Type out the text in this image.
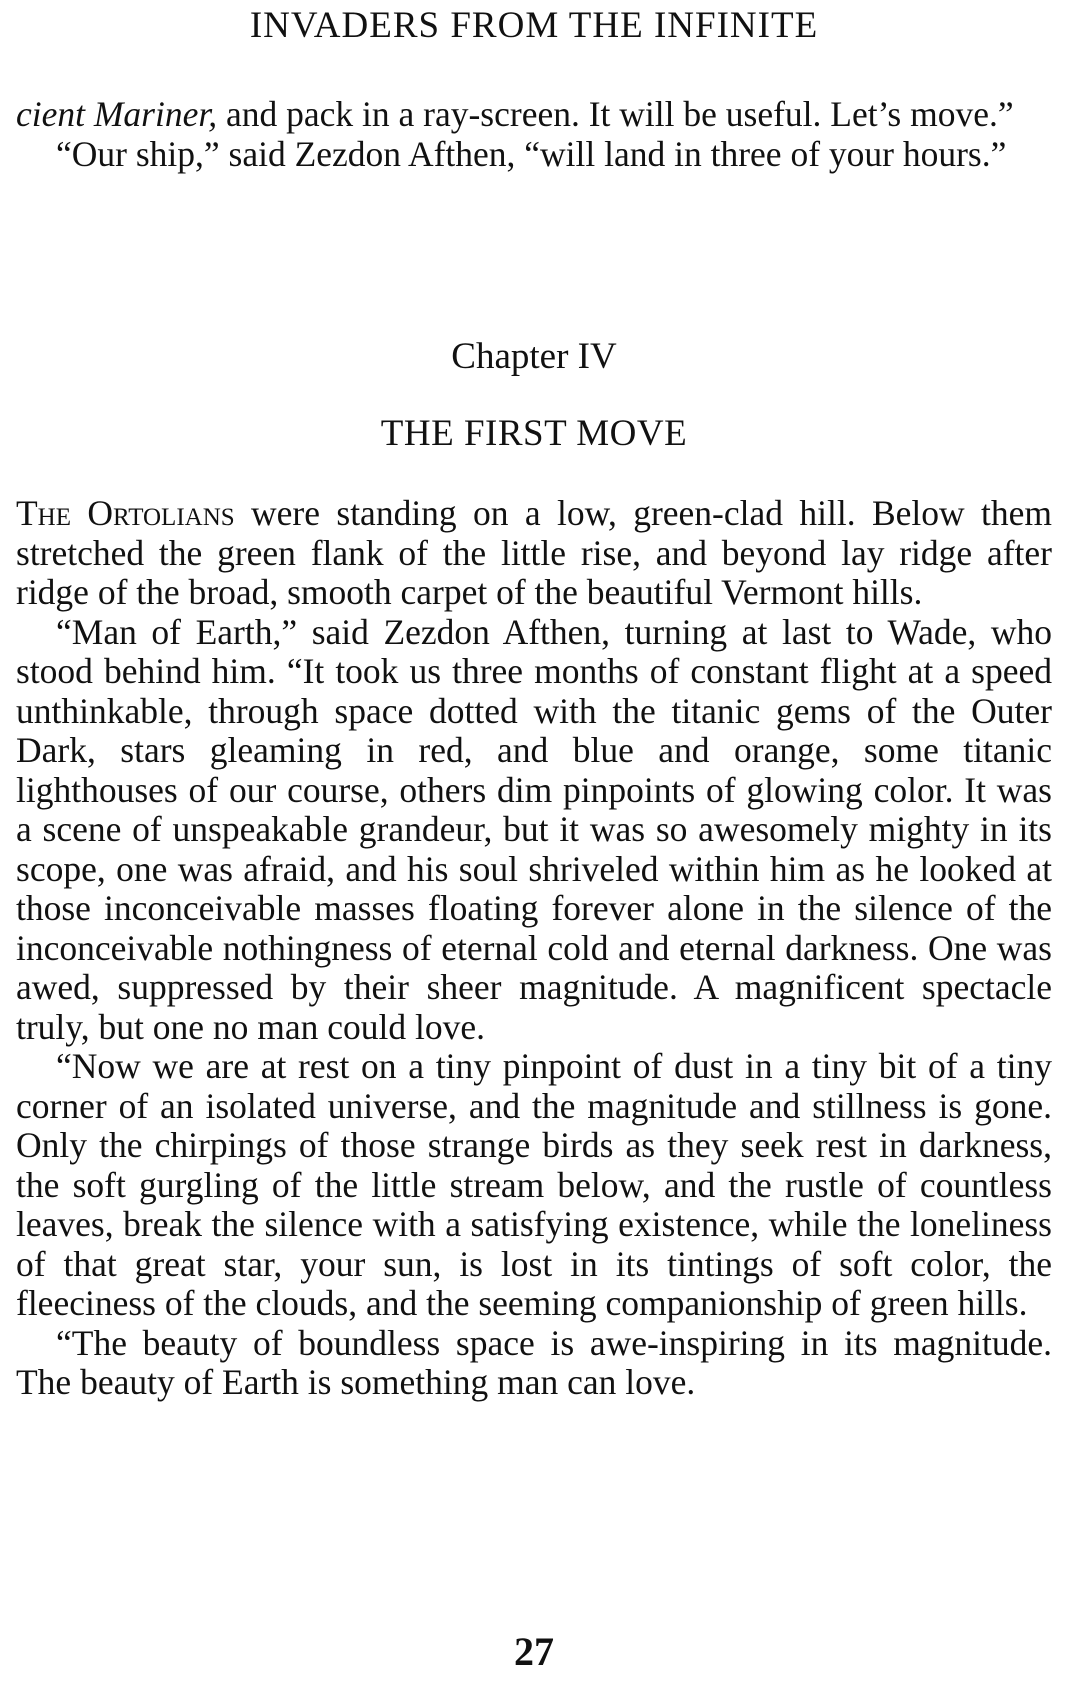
INVADERS FROM THE INFINITE

cient Mariner, and pack in a ray-screen. It will be useful. Let’s move.”

“Our ship,” said Zezdon Afthen, “will land in three of your hours.”

Chapter IV
THE FIRST MOVE

The Ortolians were standing on a low, green-clad hill. Below them stretched the green flank of the little rise, and beyond lay ridge after ridge of the broad, smooth carpet of the beautiful Vermont hills.

“Man of Earth,” said Zezdon Afthen, turning at last to Wade, who stood behind him. “It took us three months of constant flight at a speed unthinkable, through space dotted with the titanic gems of the Outer Dark, stars gleaming in red, and blue and orange, some titanic lighthouses of our course, others dim pinpoints of glowing color. It was a scene of unspeakable grandeur, but it was so awesomely mighty in its scope, one was afraid, and his soul shriveled within him as he looked at those inconceivable masses floating forever alone in the silence of the inconceivable nothingness of eternal cold and eternal darkness. One was awed, suppressed by their sheer magnitude. A magnificent spectacle truly, but one no man could love.

“Now we are at rest on a tiny pinpoint of dust in a tiny bit of a tiny corner of an isolated universe, and the magnitude and stillness is gone. Only the chirpings of those strange birds as they seek rest in darkness, the soft gurgling of the little stream below, and the rustle of countless leaves, break the silence with a satisfying existence, while the loneliness of that great star, your sun, is lost in its tintings of soft color, the fleeciness of the clouds, and the seeming companionship of green hills.

“The beauty of boundless space is awe-inspiring in its magnitude. The beauty of Earth is something man can love.

27
